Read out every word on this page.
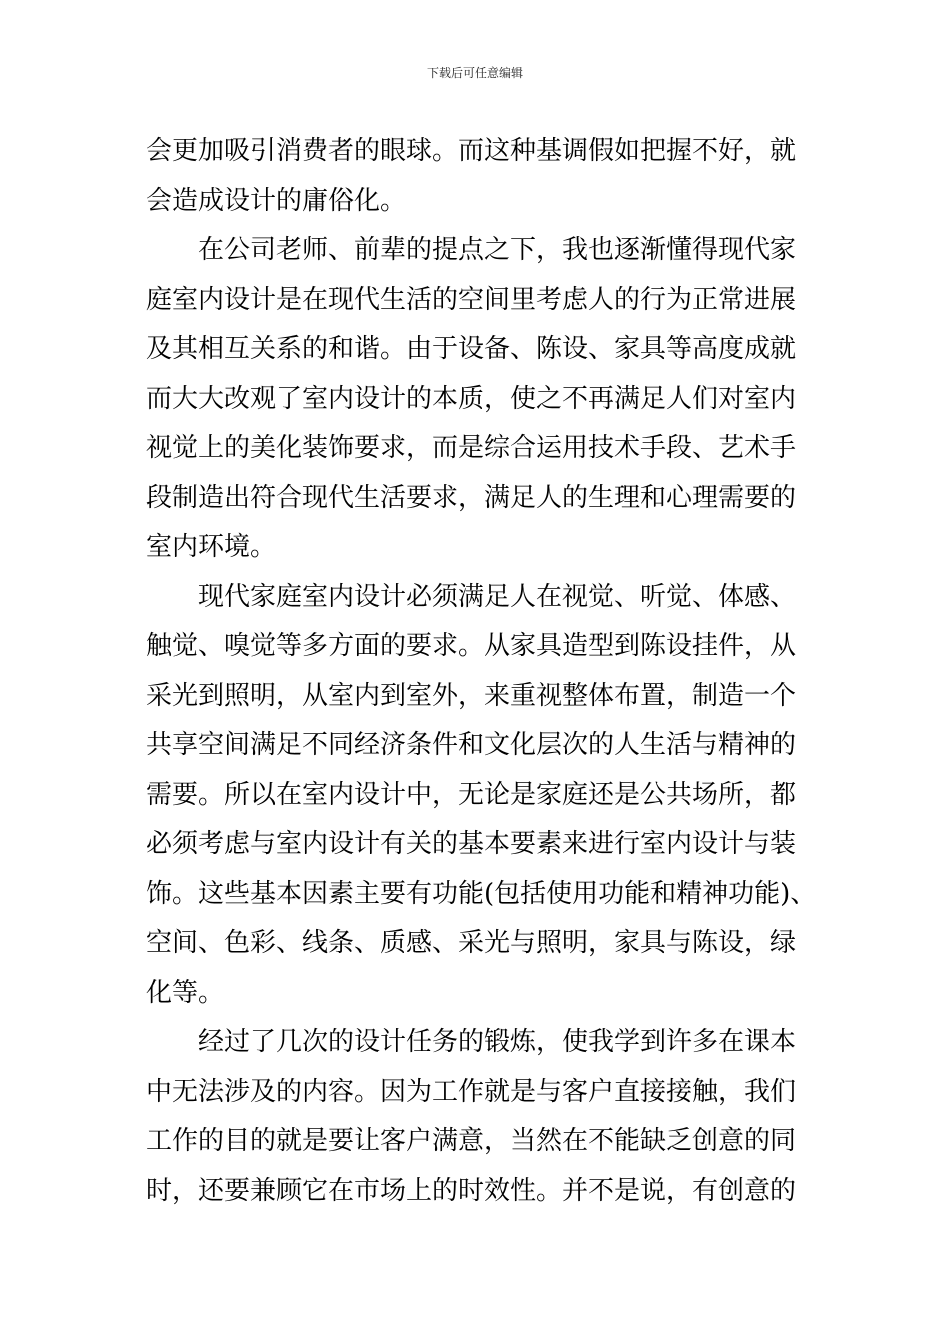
下载后可任意编辑
会更加吸引消费者的眼球。而这种基调假如把握不好，就
会造成设计的庸俗化。
在公司老师、前辈的提点之下，我也逐渐懂得现代家
庭室内设计是在现代生活的空间里考虑人的行为正常进展
及其相互关系的和谐。由于设备、陈设、家具等高度成就
而大大改观了室内设计的本质，使之不再满足人们对室内
视觉上的美化装饰要求，而是综合运用技术手段、艺术手
段制造出符合现代生活要求，满足人的生理和心理需要的
室内环境。
现代家庭室内设计必须满足人在视觉、听觉、体感、
触觉、嗅觉等多方面的要求。从家具造型到陈设挂件，从
采光到照明，从室内到室外，来重视整体布置，制造一个
共享空间满足不同经济条件和文化层次的人生活与精神的
需要。所以在室内设计中，无论是家庭还是公共场所，都
必须考虑与室内设计有关的基本要素来进行室内设计与装
饰。这些基本因素主要有功能(包括使用功能和精神功能)、
空间、色彩、线条、质感、采光与照明，家具与陈设，绿
化等。
经过了几次的设计任务的锻炼，使我学到许多在课本
中无法涉及的内容。因为工作就是与客户直接接触，我们
工作的目的就是要让客户满意，当然在不能缺乏创意的同
时，还要兼顾它在市场上的时效性。并不是说，有创意的
